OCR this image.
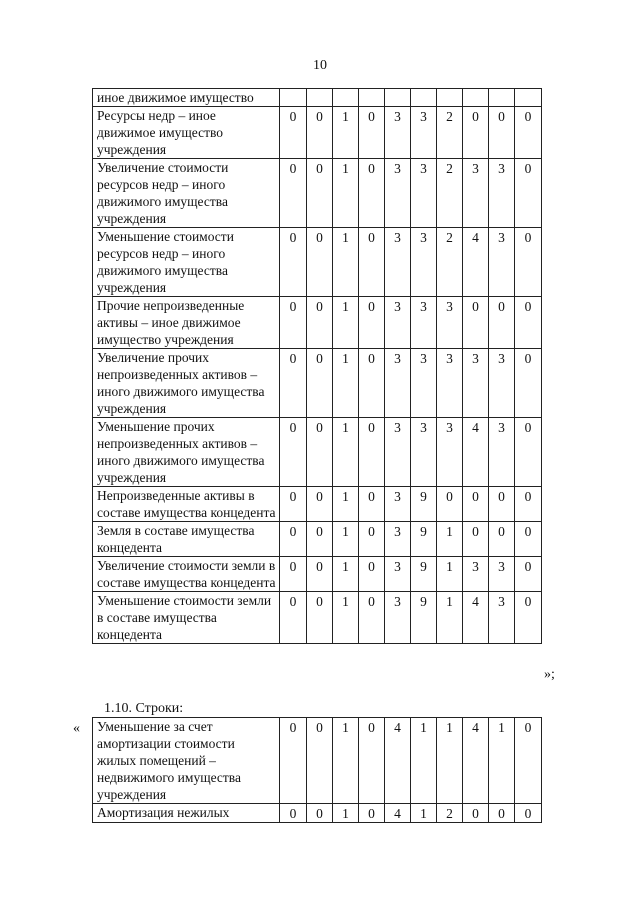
10
иное движимое имущество										
Ресурсы недр – иное движимое имущество учреждения	0	0	1	0	3	3	2	0	0	0
Увеличение стоимости ресурсов недр – иного движимого имущества учреждения	0	0	1	0	3	3	2	3	3	0
Уменьшение стоимости ресурсов недр – иного движимого имущества учреждения	0	0	1	0	3	3	2	4	3	0
Прочие непроизведенные активы – иное движимое имущество учреждения	0	0	1	0	3	3	3	0	0	0
Увеличение прочих непроизведенных активов – иного движимого имущества учреждения	0	0	1	0	3	3	3	3	3	0
Уменьшение прочих непроизведенных активов – иного движимого имущества учреждения	0	0	1	0	3	3	3	4	3	0
Непроизведенные активы в составе имущества концедента	0	0	1	0	3	9	0	0	0	0
Земля в составе имущества концедента	0	0	1	0	3	9	1	0	0	0
Увеличение стоимости земли в составе имущества концедента	0	0	1	0	3	9	1	3	3	0
Уменьшение стоимости земли в составе имущества концедента	0	0	1	0	3	9	1	4	3	0
»;
1.10. Строки:
« Уменьшение за счет амортизации стоимости жилых помещений – недвижимого имущества учреждения	0	0	1	0	4	1	1	4	1	0
Амортизация нежилых	0	0	1	0	4	1	2	0	0	0
